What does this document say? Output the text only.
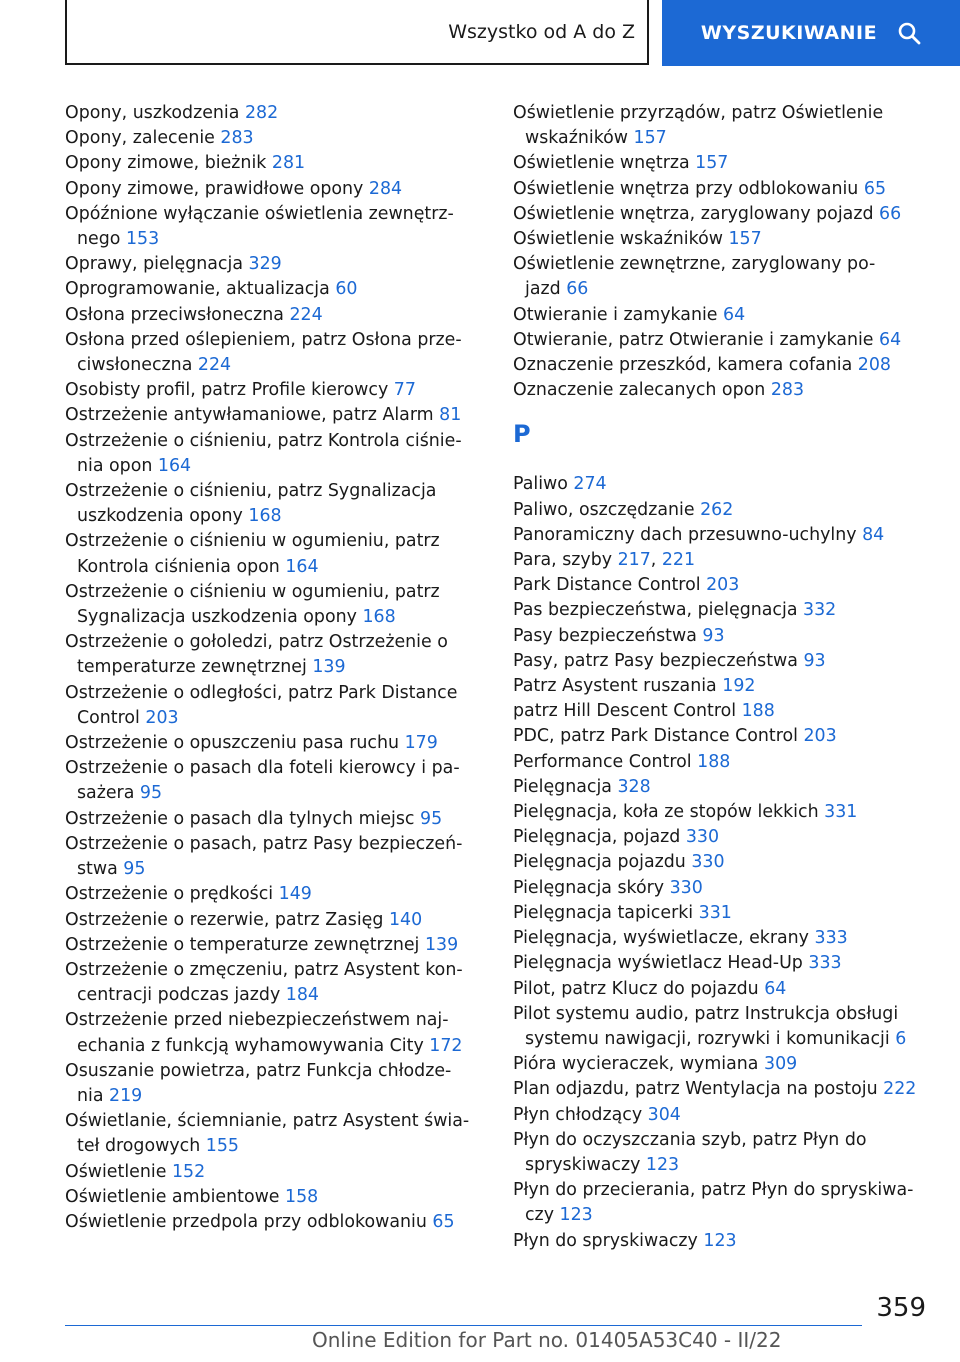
Wszystko od A do Z	WYSZUKIWANIE
Opony, uszkodzenia 282
Opony, zalecenie 283
Opony zimowe, bieżnik 281
Opony zimowe, prawidłowe opony 284
Opóźnione wyłączanie oświetlenia zewnętrz-
nego 153
Oprawy, pielęgnacja 329
Oprogramowanie, aktualizacja 60
Osłona przeciwsłoneczna 224
Osłona przed oślepieniem, patrz Osłona prze-
ciwsłoneczna 224
Osobisty profil, patrz Profile kierowcy 77
Ostrzeżenie antywłamaniowe, patrz Alarm 81
Ostrzeżenie o ciśnieniu, patrz Kontrola ciśnie-
nia opon 164
Ostrzeżenie o ciśnieniu, patrz Sygnalizacja
uszkodzenia opony 168
Ostrzeżenie o ciśnieniu w ogumieniu, patrz
Kontrola ciśnienia opon 164
Ostrzeżenie o ciśnieniu w ogumieniu, patrz
Sygnalizacja uszkodzenia opony 168
Ostrzeżenie o gołoledzi, patrz Ostrzeżenie o
temperaturze zewnętrznej 139
Ostrzeżenie o odległości, patrz Park Distance
Control 203
Ostrzeżenie o opuszczeniu pasa ruchu 179
Ostrzeżenie o pasach dla foteli kierowcy i pa-
sażera 95
Ostrzeżenie o pasach dla tylnych miejsc 95
Ostrzeżenie o pasach, patrz Pasy bezpieczeń-
stwa 95
Ostrzeżenie o prędkości 149
Ostrzeżenie o rezerwie, patrz Zasięg 140
Ostrzeżenie o temperaturze zewnętrznej 139
Ostrzeżenie o zmęczeniu, patrz Asystent kon-
centracji podczas jazdy 184
Ostrzeżenie przed niebezpieczeństwem naj-
echania z funkcją wyhamowywania City 172
Osuszanie powietrza, patrz Funkcja chłodze-
nia 219
Oświetlanie, ściemnianie, patrz Asystent świa-
teł drogowych 155
Oświetlenie 152
Oświetlenie ambientowe 158
Oświetlenie przedpola przy odblokowaniu 65
Oświetlenie przyrządów, patrz Oświetlenie
wskaźników 157
Oświetlenie wnętrza 157
Oświetlenie wnętrza przy odblokowaniu 65
Oświetlenie wnętrza, zaryglowany pojazd 66
Oświetlenie wskaźników 157
Oświetlenie zewnętrzne, zaryglowany po-
jazd 66
Otwieranie i zamykanie 64
Otwieranie, patrz Otwieranie i zamykanie 64
Oznaczenie przeszkód, kamera cofania 208
Oznaczenie zalecanych opon 283
P
Paliwo 274
Paliwo, oszczędzanie 262
Panoramiczny dach przesuwno-uchylny 84
Para, szyby 217, 221
Park Distance Control 203
Pas bezpieczeństwa, pielęgnacja 332
Pasy bezpieczeństwa 93
Pasy, patrz Pasy bezpieczeństwa 93
Patrz Asystent ruszania 192
patrz Hill Descent Control 188
PDC, patrz Park Distance Control 203
Performance Control 188
Pielęgnacja 328
Pielęgnacja, koła ze stopów lekkich 331
Pielęgnacja, pojazd 330
Pielęgnacja pojazdu 330
Pielęgnacja skóry 330
Pielęgnacja tapicerki 331
Pielęgnacja, wyświetlacze, ekrany 333
Pielęgnacja wyświetlacz Head-Up 333
Pilot, patrz Klucz do pojazdu 64
Pilot systemu audio, patrz Instrukcja obsługi
systemu nawigacji, rozrywki i komunikacji 6
Pióra wycieraczek, wymiana 309
Plan odjazdu, patrz Wentylacja na postoju 222
Płyn chłodzący 304
Płyn do oczyszczania szyb, patrz Płyn do
spryskiwaczy 123
Płyn do przecierania, patrz Płyn do spryskiwa-
czy 123
Płyn do spryskiwaczy 123
359
Online Edition for Part no. 01405A53C40 - II/22
